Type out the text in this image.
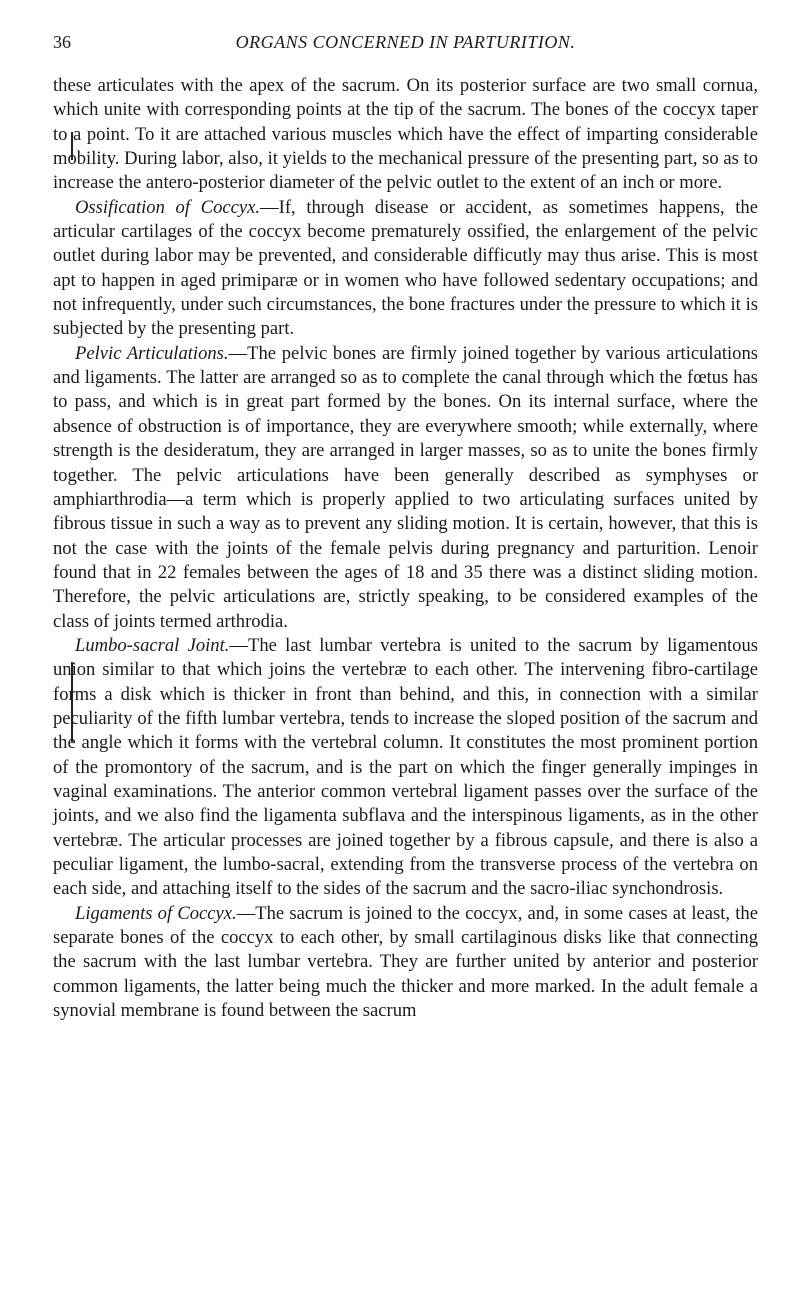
36	ORGANS CONCERNED IN PARTURITION.

these articulates with the apex of the sacrum. On its posterior surface are two small cornua, which unite with corresponding points at the tip of the sacrum. The bones of the coccyx taper to a point. To it are attached various muscles which have the effect of imparting considerable mobility. During labor, also, it yields to the mechanical pressure of the presenting part, so as to increase the antero-posterior diameter of the pelvic outlet to the extent of an inch or more.

Ossification of Coccyx.—If, through disease or accident, as sometimes happens, the articular cartilages of the coccyx become prematurely ossified, the enlargement of the pelvic outlet during labor may be prevented, and considerable difficutly may thus arise. This is most apt to happen in aged primiparæ or in women who have followed sedentary occupations; and not infrequently, under such circumstances, the bone fractures under the pressure to which it is subjected by the presenting part.

Pelvic Articulations.—The pelvic bones are firmly joined together by various articulations and ligaments. The latter are arranged so as to complete the canal through which the fœtus has to pass, and which is in great part formed by the bones. On its internal surface, where the absence of obstruction is of importance, they are everywhere smooth; while externally, where strength is the desideratum, they are arranged in larger masses, so as to unite the bones firmly together. The pelvic articulations have been generally described as symphyses or amphiarthrodia—a term which is properly applied to two articulating surfaces united by fibrous tissue in such a way as to prevent any sliding motion. It is certain, however, that this is not the case with the joints of the female pelvis during pregnancy and parturition. Lenoir found that in 22 females between the ages of 18 and 35 there was a distinct sliding motion. Therefore, the pelvic articulations are, strictly speaking, to be considered examples of the class of joints termed arthrodia.

Lumbo-sacral Joint.—The last lumbar vertebra is united to the sacrum by ligamentous union similar to that which joins the vertebræ to each other. The intervening fibro-cartilage forms a disk which is thicker in front than behind, and this, in connection with a similar peculiarity of the fifth lumbar vertebra, tends to increase the sloped position of the sacrum and the angle which it forms with the vertebral column. It constitutes the most prominent portion of the promontory of the sacrum, and is the part on which the finger generally impinges in vaginal examinations. The anterior common vertebral ligament passes over the surface of the joints, and we also find the ligamenta subflava and the interspinous ligaments, as in the other vertebræ. The articular processes are joined together by a fibrous capsule, and there is also a peculiar ligament, the lumbo-sacral, extending from the transverse process of the vertebra on each side, and attaching itself to the sides of the sacrum and the sacro-iliac synchondrosis.

Ligaments of Coccyx.—The sacrum is joined to the coccyx, and, in some cases at least, the separate bones of the coccyx to each other, by small cartilaginous disks like that connecting the sacrum with the last lumbar vertebra. They are further united by anterior and posterior common ligaments, the latter being much the thicker and more marked. In the adult female a synovial membrane is found between the sacrum
